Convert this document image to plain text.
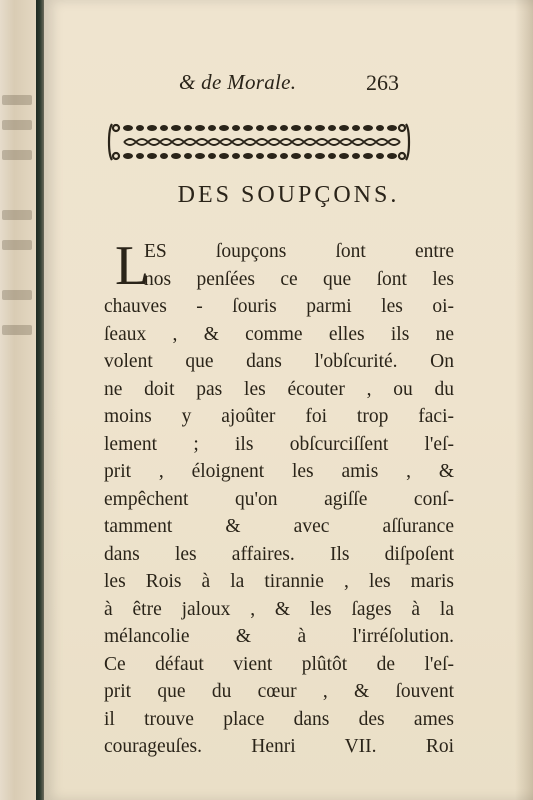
& de Morale.	263
DES SOUPÇONS.
L
ES ſoupçons ſont entre
nos penſées ce que ſont les
chauves - ſouris parmi les oi-
ſeaux , & comme elles ils ne
volent que dans l'obſcurité. On
ne doit pas les écouter , ou du
moins y ajoûter foi trop faci-
lement ; ils obſcurciſſent l'eſ-
prit , éloignent les amis , &
empêchent qu'on agiſſe conſ-
tamment & avec aſſurance
dans les affaires. Ils diſpoſent
les Rois à la tirannie , les maris
à être jaloux , & les ſages à la
mélancolie & à l'irréſolution.
Ce défaut vient plûtôt de l'eſ-
prit que du cœur , & ſouvent
il trouve place dans des ames
courageuſes. Henri VII. Roi
